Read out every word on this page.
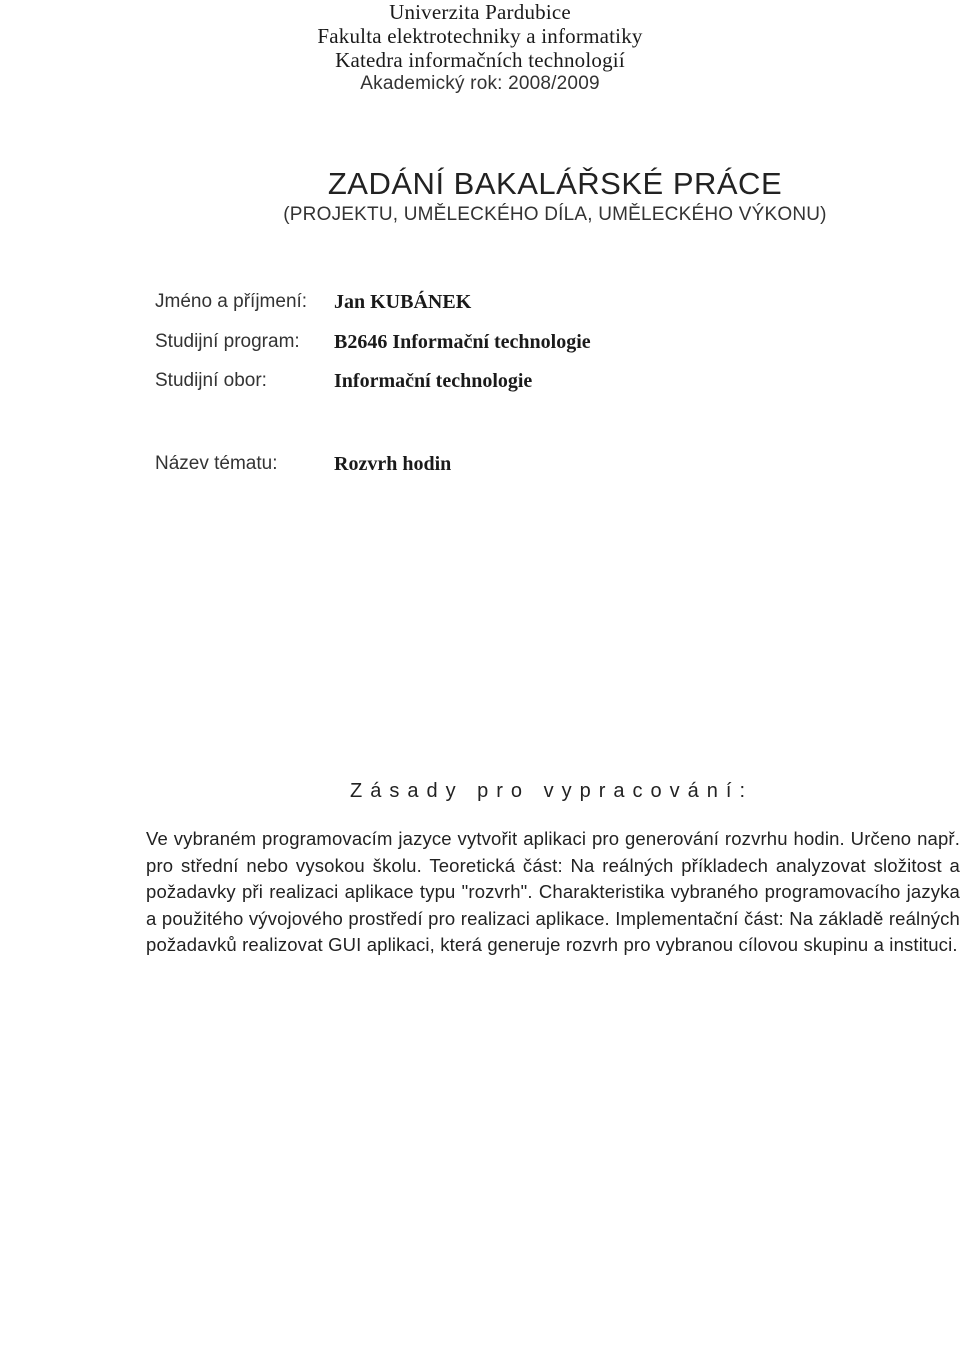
Univerzita Pardubice
Fakulta elektrotechniky a informatiky
Katedra informačních technologií
Akademický rok: 2008/2009
ZADÁNÍ BAKALÁŘSKÉ PRÁCE
(PROJEKTU, UMĚLECKÉHO DÍLA, UMĚLECKÉHO VÝKONU)
Jméno a příjmení: Jan KUBÁNEK
Studijní program: B2646 Informační technologie
Studijní obor:	Informační technologie
Název tématu:	Rozvrh hodin
Zásady pro vypracování:
Ve vybraném programovacím jazyce vytvořit aplikaci pro generování rozvrhu hodin. Určeno např. pro střední nebo vysokou školu. Teoretická část: Na reálných příkladech analyzovat složitost a požadavky při realizaci aplikace typu "rozvrh". Charakteristika vybraného programovacího jazyka a použitého vývojového prostředí pro realizaci aplikace. Implementační část: Na základě reálných požadavků realizovat GUI aplikaci, která generuje rozvrh pro vybranou cílovou skupinu a instituci.
